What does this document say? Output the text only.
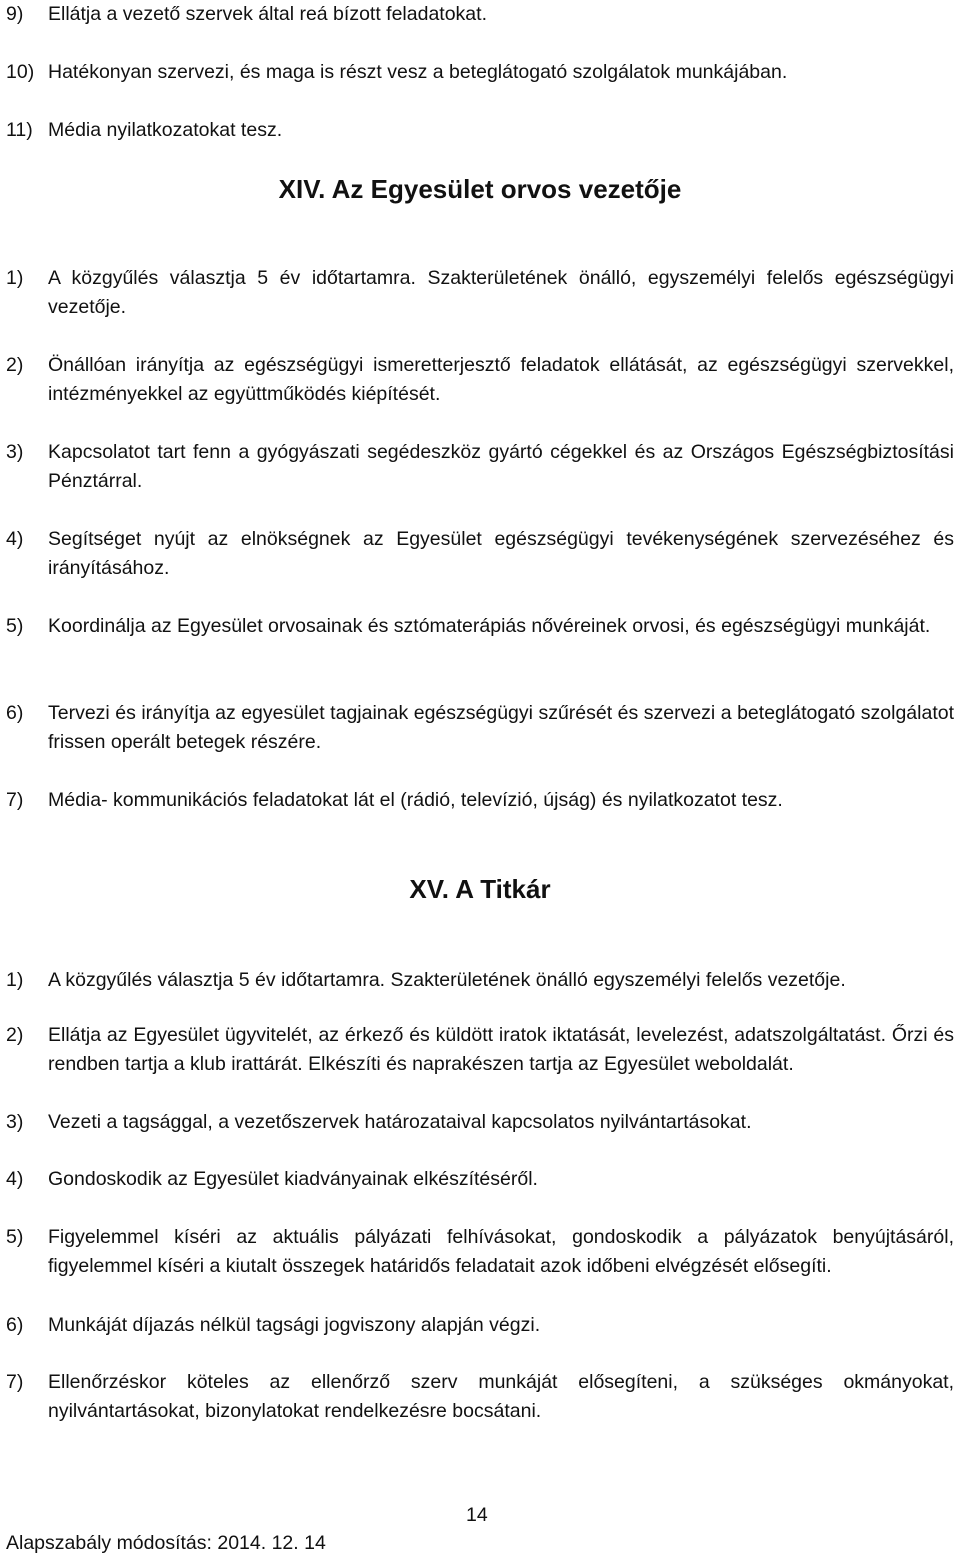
9)	Ellátja a vezető szervek által reá bízott feladatokat.
10) Hatékonyan szervezi, és maga is részt vesz a beteglátogató szolgálatok munkájában.
11) Média nyilatkozatokat tesz.
XIV. Az Egyesület orvos vezetője
1)	A közgyűlés választja 5 év időtartamra. Szakterületének önálló, egyszemélyi felelős egészségügyi vezetője.
2)	Önállóan irányítja az egészségügyi ismeretterjesztő feladatok ellátását, az egészségügyi szervekkel, intézményekkel az együttműködés kiépítését.
3)	Kapcsolatot tart fenn a gyógyászati segédeszköz gyártó cégekkel és az Országos Egészségbiztosítási Pénztárral.
4)	Segítséget nyújt az elnökségnek az Egyesület egészségügyi tevékenységének szervezéséhez és irányításához.
5)	Koordinálja az Egyesület orvosainak és sztómaterápiás nővéreinek orvosi, és egészségügyi munkáját.
6)	Tervezi és irányítja az egyesület tagjainak egészségügyi szűrését és szervezi a beteglátogató szolgálatot frissen operált betegek részére.
7)	Média- kommunikációs feladatokat lát el (rádió, televízió, újság) és nyilatkozatot tesz.
XV. A Titkár
1)	A közgyűlés választja 5 év időtartamra. Szakterületének önálló egyszemélyi felelős vezetője.
2)	Ellátja az Egyesület ügyvitelét, az érkező és küldött iratok iktatását, levelezést, adatszolgáltatást. Őrzi és rendben tartja a klub irattárát. Elkészíti és naprakészen tartja az Egyesület weboldalát.
3)	Vezeti a tagsággal, a vezetőszervek határozataival kapcsolatos nyilvántartásokat.
4)	Gondoskodik az Egyesület kiadványainak elkészítéséről.
5)	Figyelemmel kíséri az aktuális pályázati felhívásokat, gondoskodik a pályázatok benyújtásáról, figyelemmel kíséri a kiutalt összegek határidős feladatait azok időbeni elvégzését elősegíti.
6)	Munkáját díjazás nélkül tagsági jogviszony alapján végzi.
7)	Ellenőrzéskor köteles az ellenőrző szerv munkáját elősegíteni, a szükséges okmányokat, nyilvántartásokat, bizonylatokat rendelkezésre bocsátani.
14
Alapszabály módosítás: 2014. 12. 14
